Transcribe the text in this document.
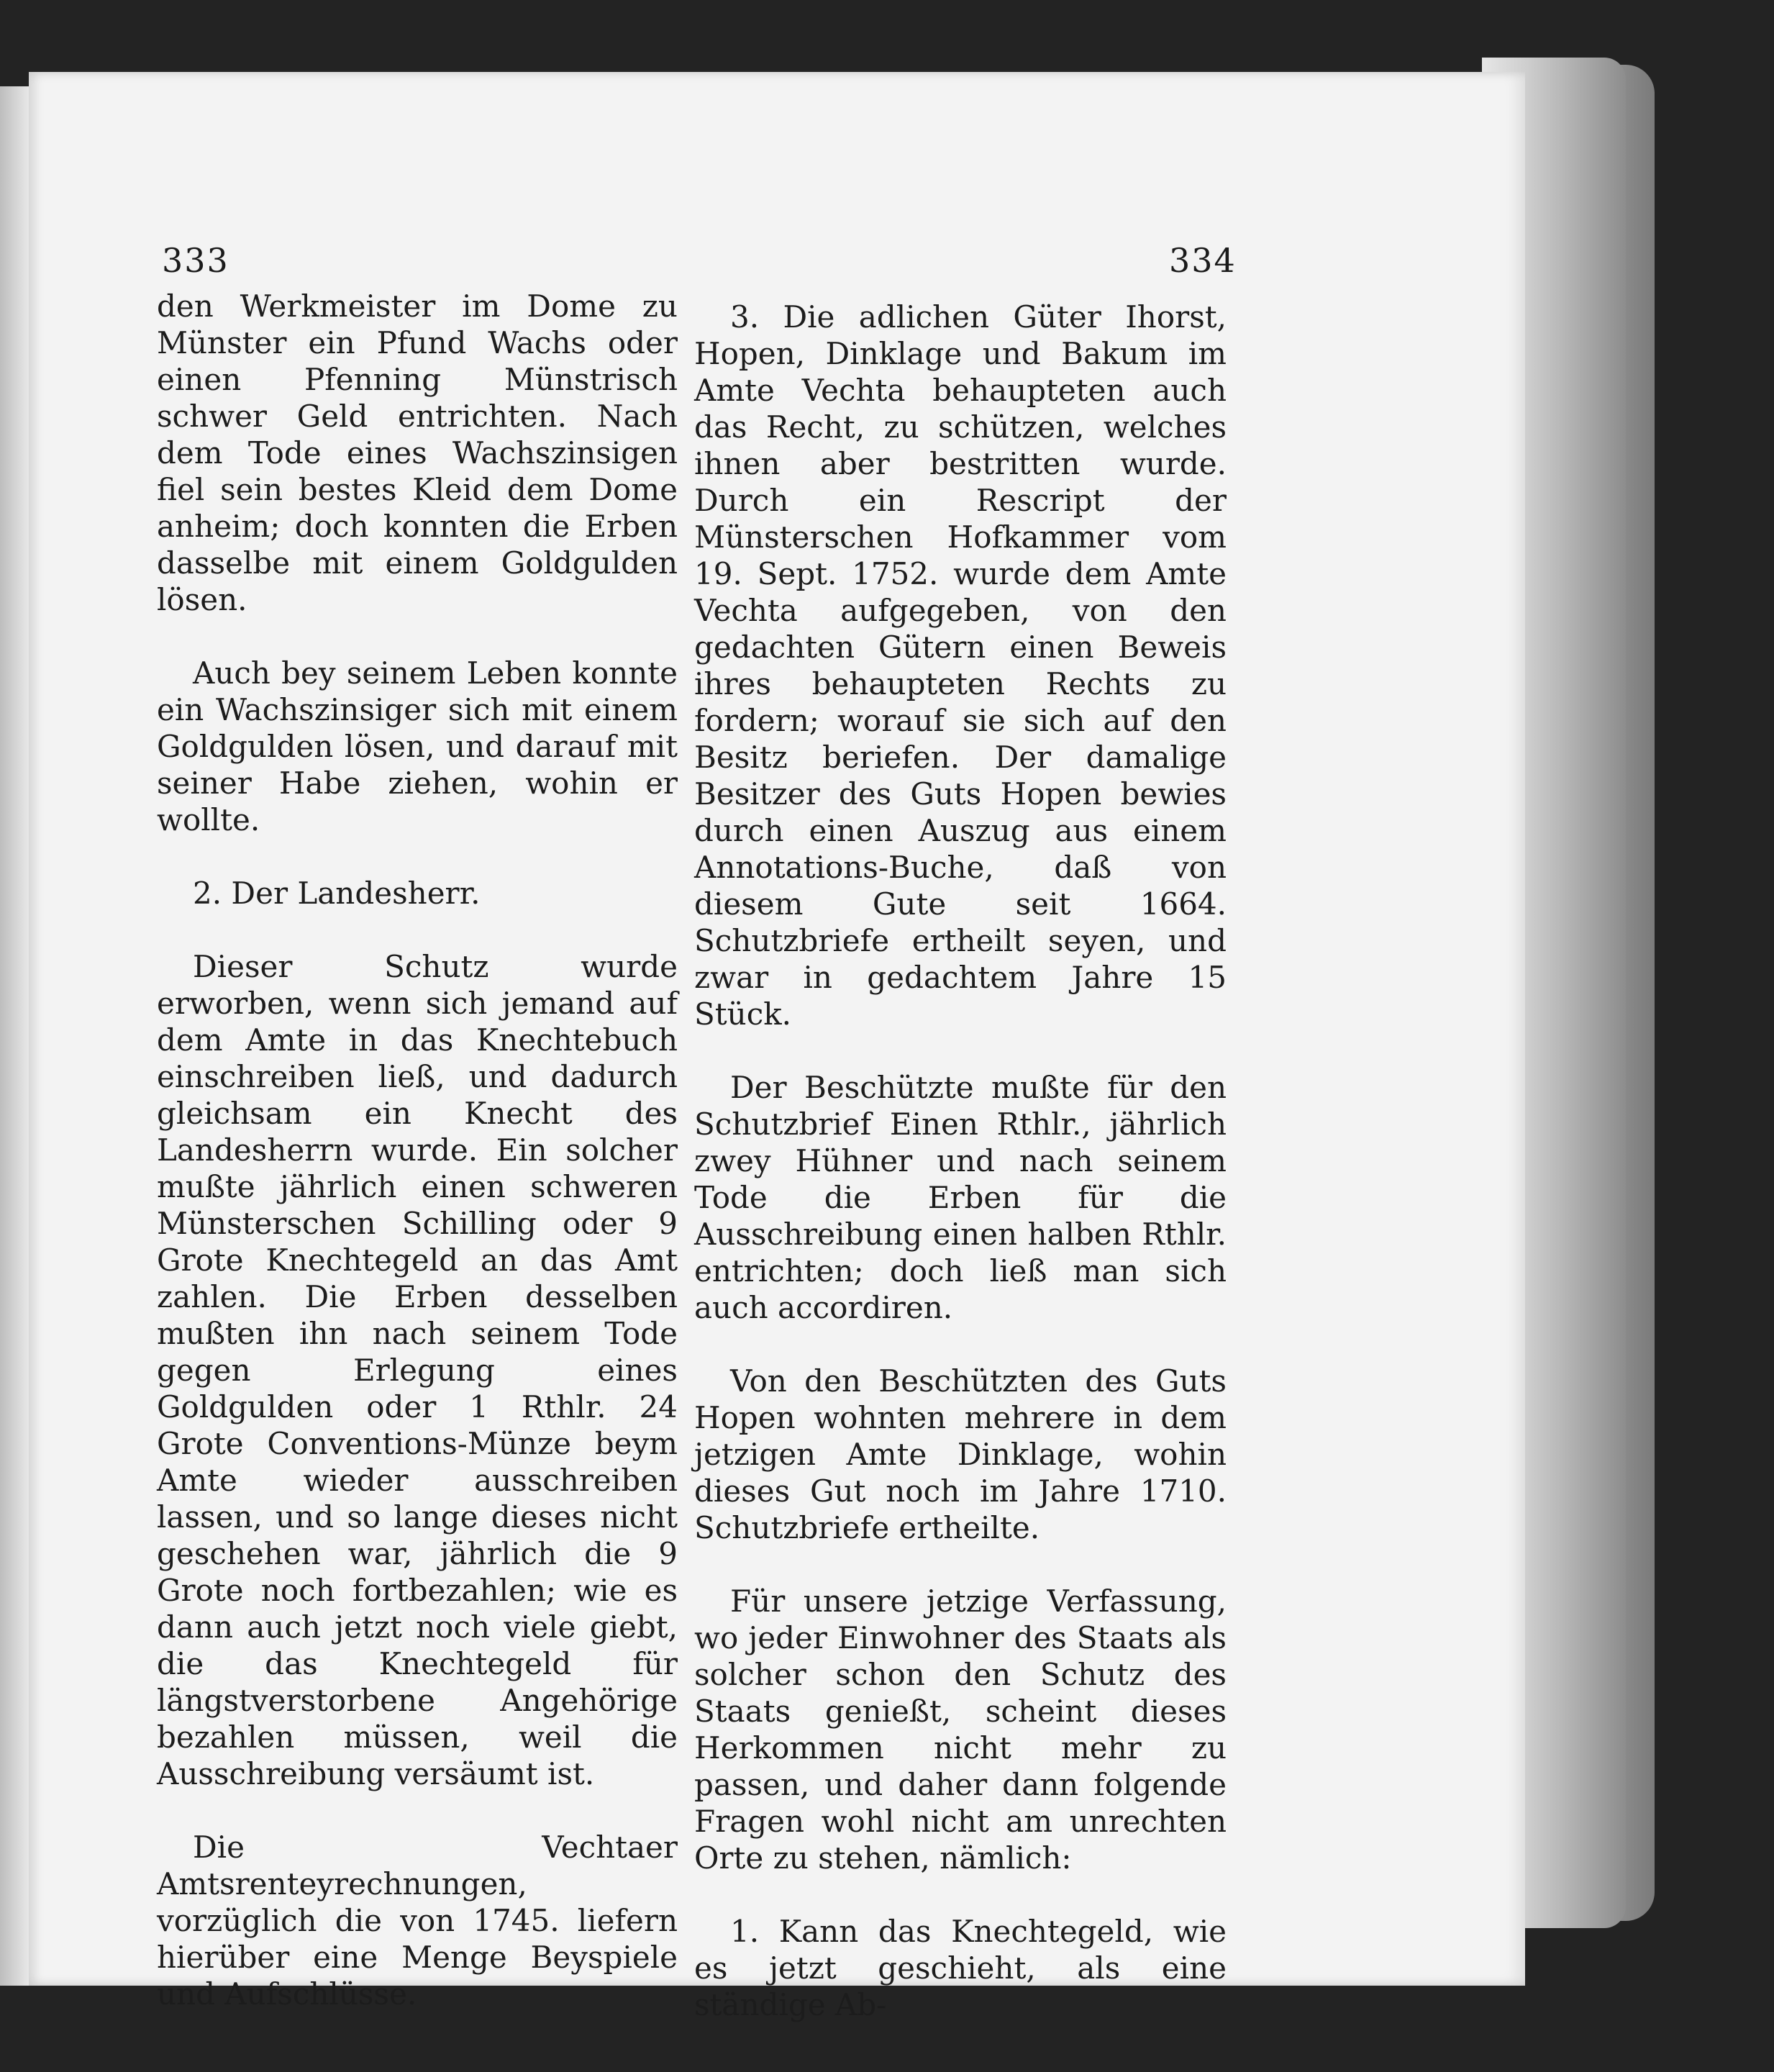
333	334

den Werkmeister im Dome zu Münster ein Pfund Wachs oder einen Pfenning Münstrisch schwer Geld entrichten. Nach dem Tode eines Wachszinsigen fiel sein bestes Kleid dem Dome anheim; doch konnten die Erben dasselbe mit einem Goldgulden lösen.

Auch bey seinem Leben konnte ein Wachszinsiger sich mit einem Goldgulden lösen, und darauf mit seiner Habe ziehen, wohin er wollte.

2. Der Landesherr.

Dieser Schutz wurde erworben, wenn sich jemand auf dem Amte in das Knechtebuch einschreiben ließ, und dadurch gleichsam ein Knecht des Landesherrn wurde. Ein solcher mußte jährlich einen schweren Münsterschen Schilling oder 9 Grote Knechtegeld an das Amt zahlen. Die Erben desselben mußten ihn nach seinem Tode gegen Erlegung eines Goldgulden oder 1 Rthlr. 24 Grote Conventions-Münze beym Amte wieder ausschreiben lassen, und so lange dieses nicht geschehen war, jährlich die 9 Grote noch fortbezahlen; wie es dann auch jetzt noch viele giebt, die das Knechtegeld für längstverstorbene Angehörige bezahlen müssen, weil die Ausschreibung versäumt ist.

Die Vechtaer Amtsrenteyrechnungen, vorzüglich die von 1745. liefern hierüber eine Menge Beyspiele und Aufschlüsse.

3. Die adlichen Güter Ihorst, Hopen, Dinklage und Bakum im Amte Vechta behaupteten auch das Recht, zu schützen, welches ihnen aber bestritten wurde. Durch ein Rescript der Münsterschen Hofkammer vom 19. Sept. 1752. wurde dem Amte Vechta aufgegeben, von den gedachten Gütern einen Beweis ihres behaupteten Rechts zu fordern; worauf sie sich auf den Besitz beriefen. Der damalige Besitzer des Guts Hopen bewies durch einen Auszug aus einem Annotations-Buche, daß von diesem Gute seit 1664. Schutzbriefe ertheilt seyen, und zwar in gedachtem Jahre 15 Stück.

Der Beschützte mußte für den Schutzbrief Einen Rthlr., jährlich zwey Hühner und nach seinem Tode die Erben für die Ausschreibung einen halben Rthlr. entrichten; doch ließ man sich auch accordiren.

Von den Beschützten des Guts Hopen wohnten mehrere in dem jetzigen Amte Dinklage, wohin dieses Gut noch im Jahre 1710. Schutzbriefe ertheilte.

Für unsere jetzige Verfassung, wo jeder Einwohner des Staats als solcher schon den Schutz des Staats genießt, scheint dieses Herkommen nicht mehr zu passen, und daher dann folgende Fragen wohl nicht am unrechten Orte zu stehen, nämlich:

1. Kann das Knechtegeld, wie es jetzt geschieht, als eine ständige Ab-
